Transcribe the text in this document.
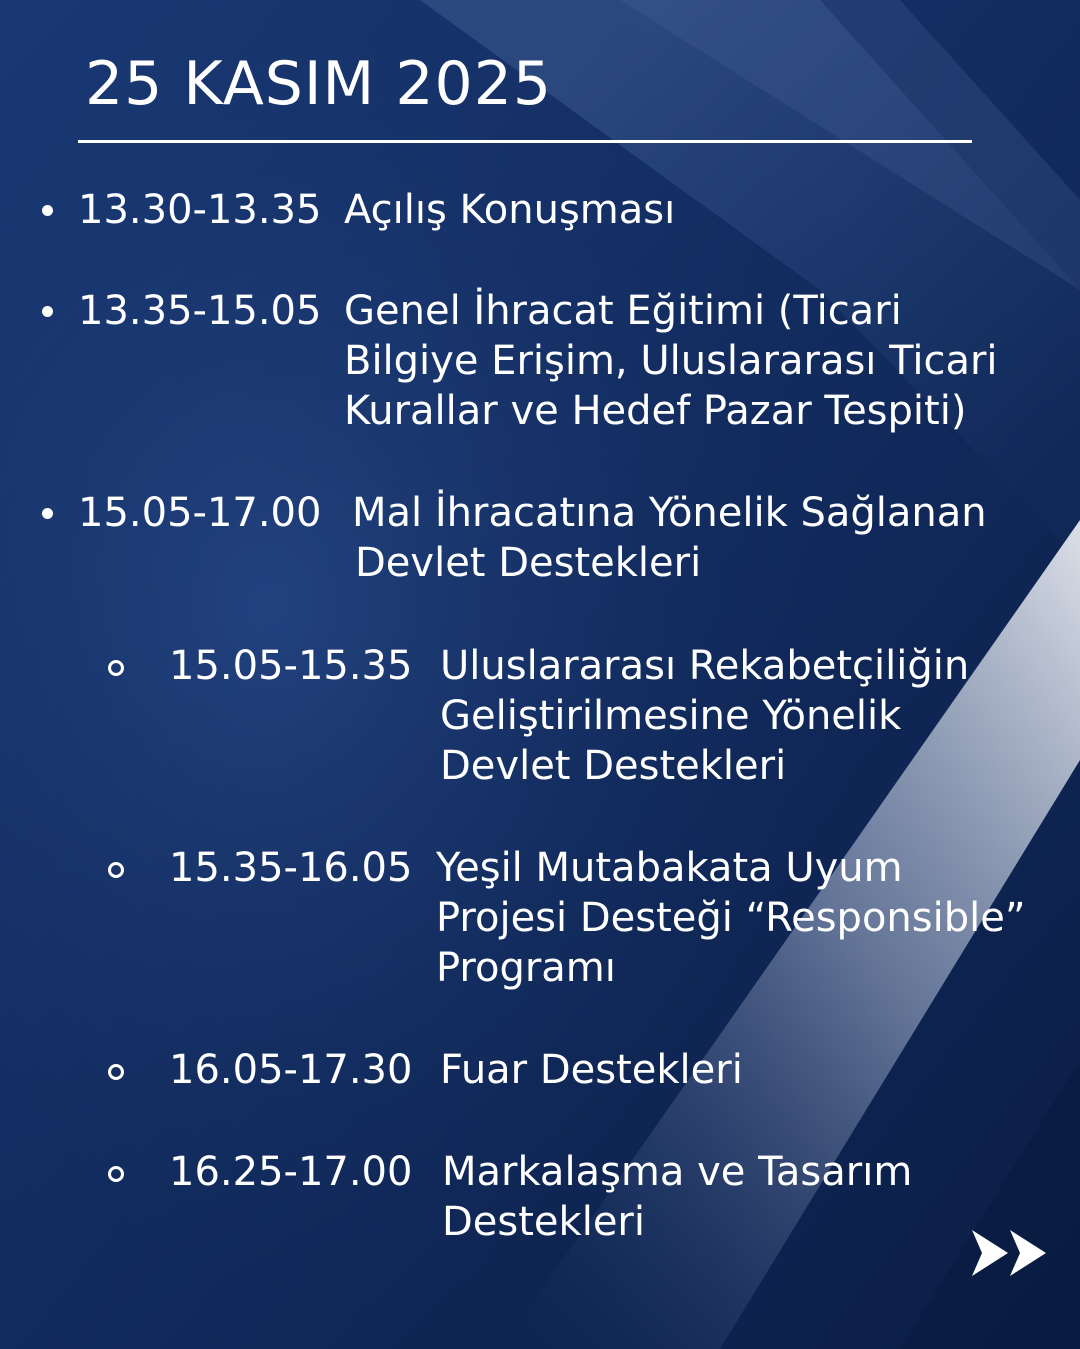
25 KASIM 2025
13.30-13.35 Açılış Konuşması
13.35-15.05 Genel İhracat Eğitimi (Ticari
Bilgiye Erişim, Uluslararası Ticari
Kurallar ve Hedef Pazar Tespiti)
15.05-17.00 Mal İhracatına Yönelik Sağlanan
Devlet Destekleri
15.05-15.35 Uluslararası Rekabetçiliğin
Geliştirilmesine Yönelik
Devlet Destekleri
15.35-16.05 Yeşil Mutabakata Uyum
Projesi Desteği “Responsible”
Programı
16.05-17.30 Fuar Destekleri
16.25-17.00 Markalaşma ve Tasarım
Destekleri
